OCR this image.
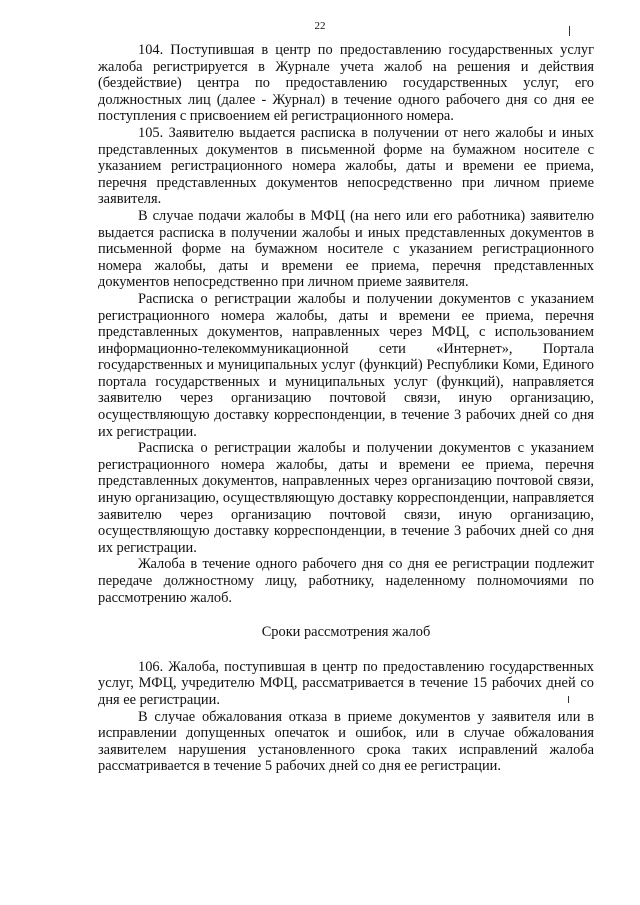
22

104. Поступившая в центр по предоставлению государственных услуг жалоба регистрируется в Журнале учета жалоб на решения и действия (бездействие) центра по предоставлению государственных услуг, его должностных лиц (далее - Журнал) в течение одного рабочего дня со дня ее поступления с присвоением ей регистрационного номера.

105. Заявителю выдается расписка в получении от него жалобы и иных представленных документов в письменной форме на бумажном носителе с указанием регистрационного номера жалобы, даты и времени ее приема, перечня представленных документов непосредственно при личном приеме заявителя.

В случае подачи жалобы в МФЦ (на него или его работника) заявителю выдается расписка в получении жалобы и иных представленных документов в письменной форме на бумажном носителе с указанием регистрационного номера жалобы, даты и времени ее приема, перечня представленных документов непосредственно при личном приеме заявителя.

Расписка о регистрации жалобы и получении документов с указанием регистрационного номера жалобы, даты и времени ее приема, перечня представленных документов, направленных через МФЦ, с использованием информационно-телекоммуникационной сети «Интернет», Портала государственных и муниципальных услуг (функций) Республики Коми, Единого портала государственных и муниципальных услуг (функций), направляется заявителю через организацию почтовой связи, иную организацию, осуществляющую доставку корреспонденции, в течение 3 рабочих дней со дня их регистрации.

Расписка о регистрации жалобы и получении документов с указанием регистрационного номера жалобы, даты и времени ее приема, перечня представленных документов, направленных через организацию почтовой связи, иную организацию, осуществляющую доставку корреспонденции, направляется заявителю через организацию почтовой связи, иную организацию, осуществляющую доставку корреспонденции, в течение 3 рабочих дней со дня их регистрации.

Жалоба в течение одного рабочего дня со дня ее регистрации подлежит передаче должностному лицу, работнику, наделенному полномочиями по рассмотрению жалоб.

Сроки рассмотрения жалоб

106. Жалоба, поступившая в центр по предоставлению государственных услуг, МФЦ, учредителю МФЦ, рассматривается в течение 15 рабочих дней со дня ее регистрации.

В случае обжалования отказа в приеме документов у заявителя или в исправлении допущенных опечаток и ошибок, или в случае обжалования заявителем нарушения установленного срока таких исправлений жалоба рассматривается в течение 5 рабочих дней со дня ее регистрации.
